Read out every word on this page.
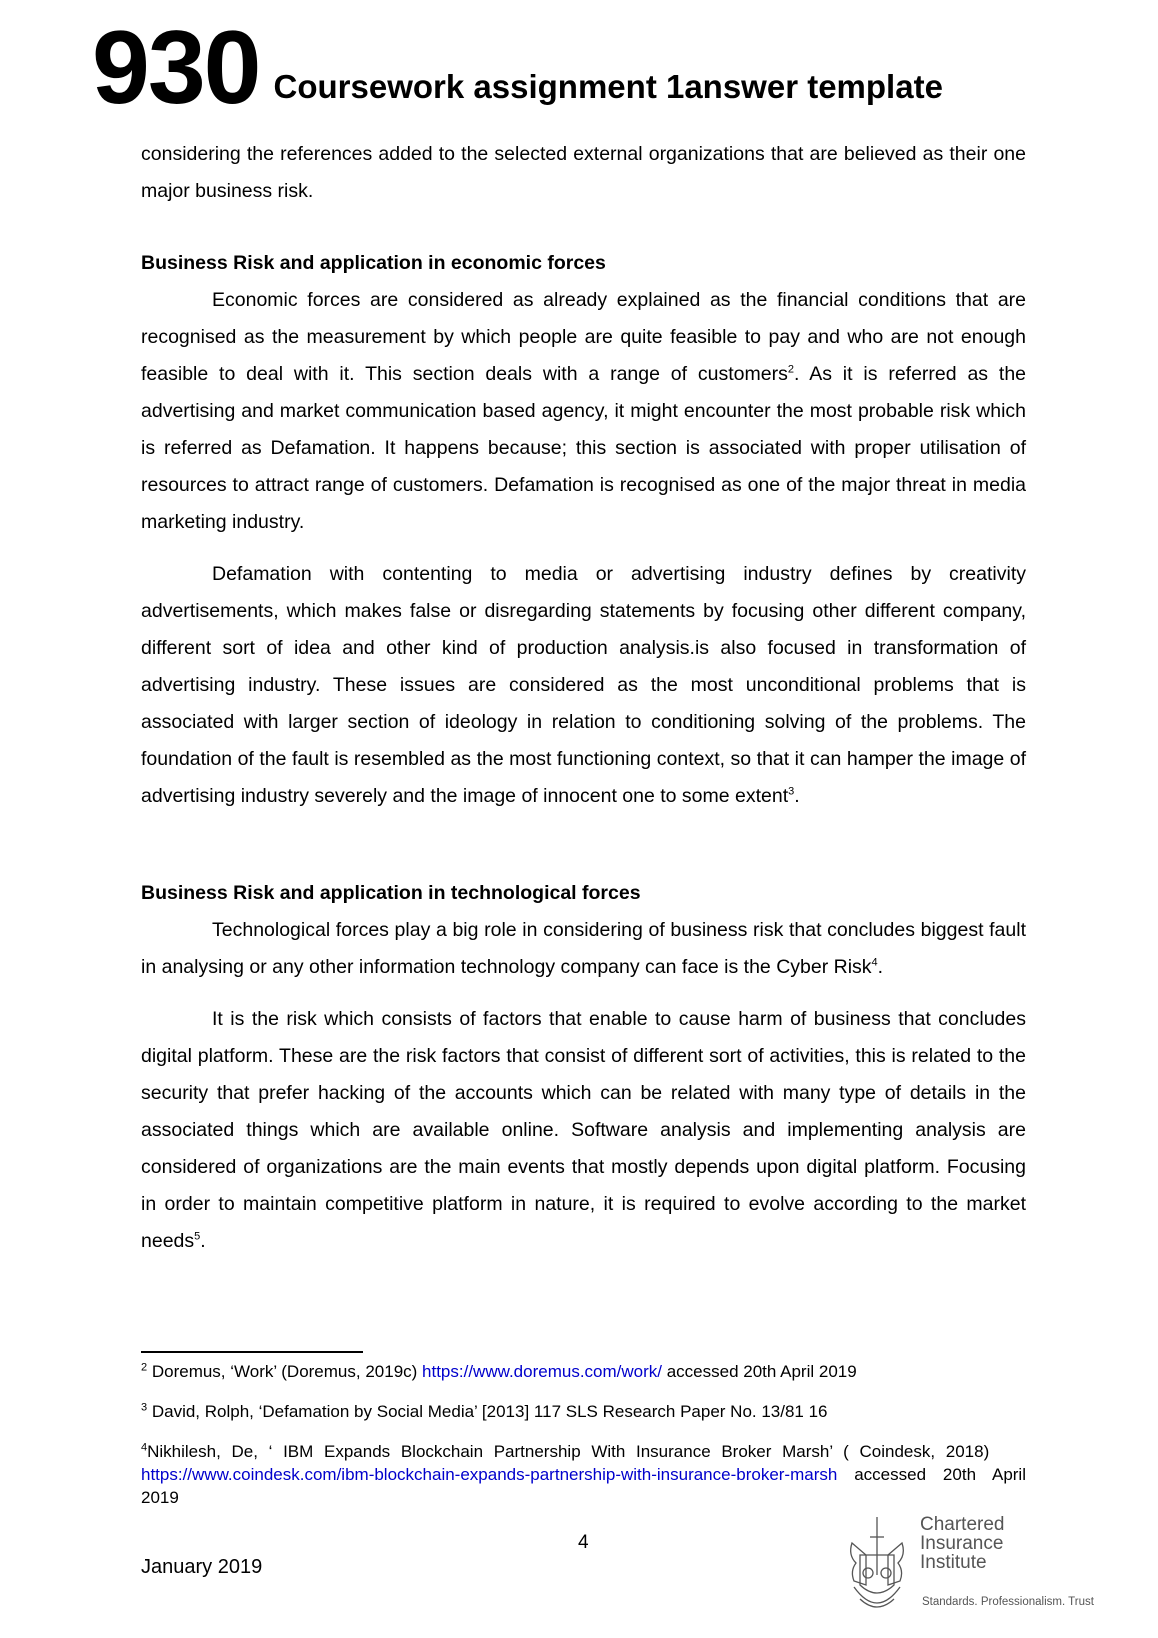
930 Coursework assignment 1answer template

considering the references added to the selected external organizations that are believed as their one major business risk.

Business Risk and application in economic forces

Economic forces are considered as already explained as the financial conditions that are recognised as the measurement by which people are quite feasible to pay and who are not enough feasible to deal with it. This section deals with a range of customers$^2$. As it is referred as the advertising and market communication based agency, it might encounter the most probable risk which is referred as Defamation. It happens because; this section is associated with proper utilisation of resources to attract range of customers. Defamation is recognised as one of the major threat in media marketing industry.

Defamation with contenting to media or advertising industry defines by creativity advertisements, which makes false or disregarding statements by focusing other different company, different sort of idea and other kind of production analysis.is also focused in transformation of advertising industry. These issues are considered as the most unconditional problems that is associated with larger section of ideology in relation to conditioning solving of the problems. The foundation of the fault is resembled as the most functioning context, so that it can hamper the image of advertising industry severely and the image of innocent one to some extent$^3$.

Business Risk and application in technological forces

Technological forces play a big role in considering of business risk that concludes biggest fault in analysing or any other information technology company can face is the Cyber Risk$^4$.

It is the risk which consists of factors that enable to cause harm of business that concludes digital platform. These are the risk factors that consist of different sort of activities, this is related to the security that prefer hacking of the accounts which can be related with many type of details in the associated things which are available online. Software analysis and implementing analysis are considered of organizations are the main events that mostly depends upon digital platform. Focusing in order to maintain competitive platform in nature, it is required to evolve according to the market needs$^5$.

$^2$ Doremus, ‘Work’ (Doremus, 2019c) https://www.doremus.com/work/ accessed 20th April 2019
$^3$ David, Rolph, ‘Defamation by Social Media’ [2013] 117 SLS Research Paper No. 13/81 16
$^4$Nikhilesh, De, ‘ IBM Expands Blockchain Partnership With Insurance Broker Marsh’ ( Coindesk, 2018)     https://www.coindesk.com/ibm-blockchain-expands-partnership-with-insurance-broker-marsh accessed 20th April 2019
4
January 2019
Chartered
Insurance
Institute
Standards. Professionalism. Trust
